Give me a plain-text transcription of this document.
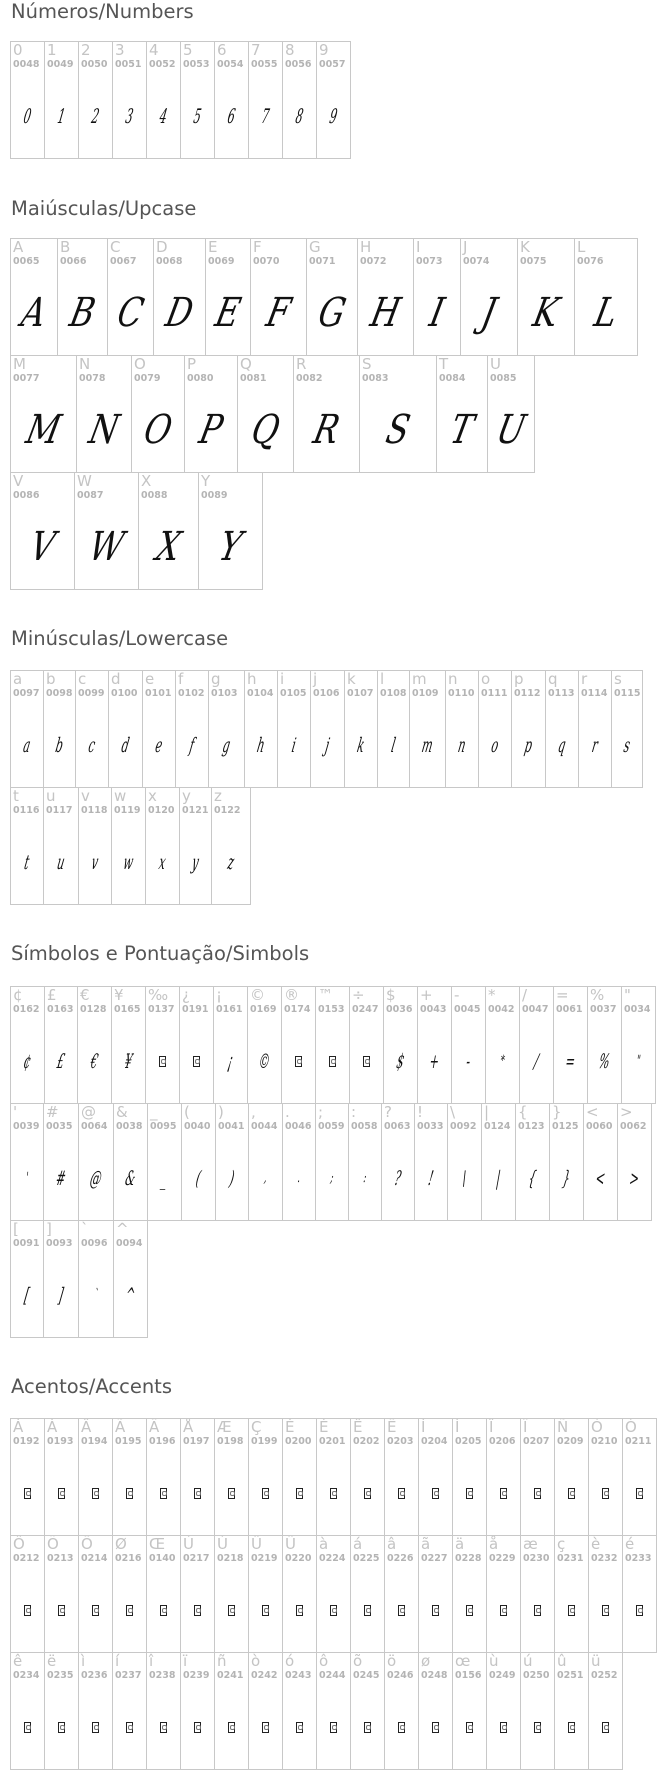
Números/Numbers
0
0048
0
1
0049
1
2
0050
2
3
0051
3
4
0052
4
5
0053
5
6
0054
6
7
0055
7
8
0056
8
9
0057
9
Maiúsculas/Upcase
A
0065
A
B
0066
B
C
0067
C
D
0068
D
E
0069
E
F
0070
F
G
0071
G
H
0072
H
I
0073
I
J
0074
J
K
0075
K
L
0076
L
M
0077
M
N
0078
N
O
0079
O
P
0080
P
Q
0081
Q
R
0082
R
S
0083
S
T
0084
T
U
0085
U
V
0086
V
W
0087
W
X
0088
X
Y
0089
Y
Minúsculas/Lowercase
a
0097
a
b
0098
b
c
0099
c
d
0100
d
e
0101
e
f
0102
f
g
0103
g
h
0104
h
i
0105
i
j
0106
j
k
0107
k
l
0108
l
m
0109
m
n
0110
n
o
0111
o
p
0112
p
q
0113
q
r
0114
r
s
0115
s
t
0116
t
u
0117
u
v
0118
v
w
0119
w
x
0120
x
y
0121
y
z
0122
z
Símbolos e Pontuação/Simbols
¢
0162
¢
£
0163
£
€
0128
€
¥
0165
¥
‰
0137
¿
0191
¡
0161
¡
©
0169
©
®
0174
™
0153
÷
0247
$
0036
$
+
0043
+
-
0045
-
*
0042
*
/
0047
/
=
0061
=
%
0037
%
"
0034
"
'
0039
'
#
0035
#
@
0064
@
&
0038
&
_
0095
_
(
0040
(
)
0041
)
,
0044
,
.
0046
.
;
0059
;
:
0058
:
?
0063
?
!
0033
!
\
0092
\
|
0124
|
{
0123
{
}
0125
}
<
0060
<
>
0062
>
[
0091
[
]
0093
]
`
0096
`
^
0094
^
Acentos/Accents
À
0192
Á
0193
Â
0194
Ã
0195
Ä
0196
Å
0197
Æ
0198
Ç
0199
È
0200
É
0201
Ê
0202
Ë
0203
Ì
0204
Í
0205
Î
0206
Ï
0207
Ñ
0209
Ò
0210
Ó
0211
Ô
0212
Õ
0213
Ö
0214
Ø
0216
Œ
0140
Ù
0217
Ú
0218
Û
0219
Ü
0220
à
0224
á
0225
â
0226
ã
0227
ä
0228
å
0229
æ
0230
ç
0231
è
0232
é
0233
ê
0234
ë
0235
ì
0236
í
0237
î
0238
ï
0239
ñ
0241
ò
0242
ó
0243
ô
0244
õ
0245
ö
0246
ø
0248
œ
0156
ù
0249
ú
0250
û
0251
ü
0252
